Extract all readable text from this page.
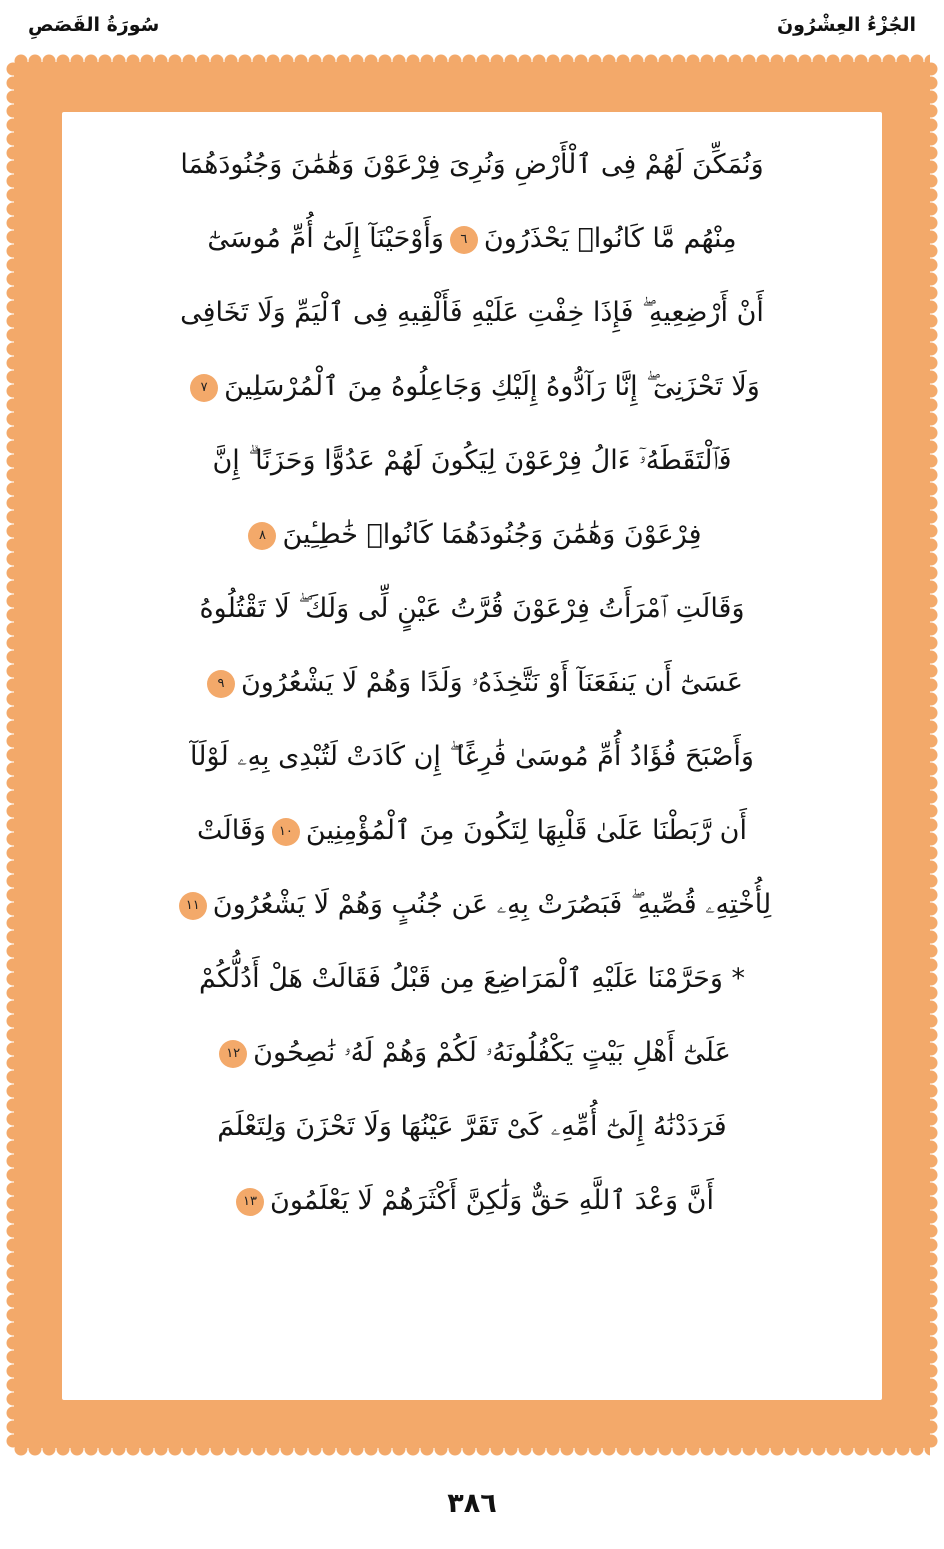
الجُزْءُ العِشْرُونَ
سُورَةُ القَصَصِ
وَنُمَكِّنَ لَهُمْ فِى ٱلْأَرْضِ وَنُرِىَ فِرْعَوْنَ وَهَٰمَٰنَ وَجُنُودَهُمَا
مِنْهُم مَّا كَانُوا۟ يَحْذَرُونَ٦وَأَوْحَيْنَآ إِلَىٰٓ أُمِّ مُوسَىٰٓ
أَنْ أَرْضِعِيهِ ۖ فَإِذَا خِفْتِ عَلَيْهِ فَأَلْقِيهِ فِى ٱلْيَمِّ وَلَا تَخَافِى
وَلَا تَحْزَنِىٓ ۖ إِنَّا رَآدُّوهُ إِلَيْكِ وَجَاعِلُوهُ مِنَ ٱلْمُرْسَلِينَ٧
فَٱلْتَقَطَهُۥٓ ءَالُ فِرْعَوْنَ لِيَكُونَ لَهُمْ عَدُوًّا وَحَزَنًا ۗ إِنَّ
فِرْعَوْنَ وَهَٰمَٰنَ وَجُنُودَهُمَا كَانُوا۟ خَٰطِـِٔينَ٨
وَقَالَتِ ٱمْرَأَتُ فِرْعَوْنَ قُرَّتُ عَيْنٍ لِّى وَلَكَ ۖ لَا تَقْتُلُوهُ
عَسَىٰٓ أَن يَنفَعَنَآ أَوْ نَتَّخِذَهُۥ وَلَدًا وَهُمْ لَا يَشْعُرُونَ٩
وَأَصْبَحَ فُؤَادُ أُمِّ مُوسَىٰ فَٰرِغًا ۖ إِن كَادَتْ لَتُبْدِى بِهِۦ لَوْلَآ
أَن رَّبَطْنَا عَلَىٰ قَلْبِهَا لِتَكُونَ مِنَ ٱلْمُؤْمِنِينَ١٠وَقَالَتْ
لِأُخْتِهِۦ قُصِّيهِ ۖ فَبَصُرَتْ بِهِۦ عَن جُنُبٍ وَهُمْ لَا يَشْعُرُونَ١١
* وَحَرَّمْنَا عَلَيْهِ ٱلْمَرَاضِعَ مِن قَبْلُ فَقَالَتْ هَلْ أَدُلُّكُمْ
عَلَىٰٓ أَهْلِ بَيْتٍ يَكْفُلُونَهُۥ لَكُمْ وَهُمْ لَهُۥ نَٰصِحُونَ١٢
فَرَدَدْنَٰهُ إِلَىٰٓ أُمِّهِۦ كَىْ تَقَرَّ عَيْنُهَا وَلَا تَحْزَنَ وَلِتَعْلَمَ
أَنَّ وَعْدَ ٱللَّهِ حَقٌّ وَلَٰكِنَّ أَكْثَرَهُمْ لَا يَعْلَمُونَ١٣
٣٨٦
